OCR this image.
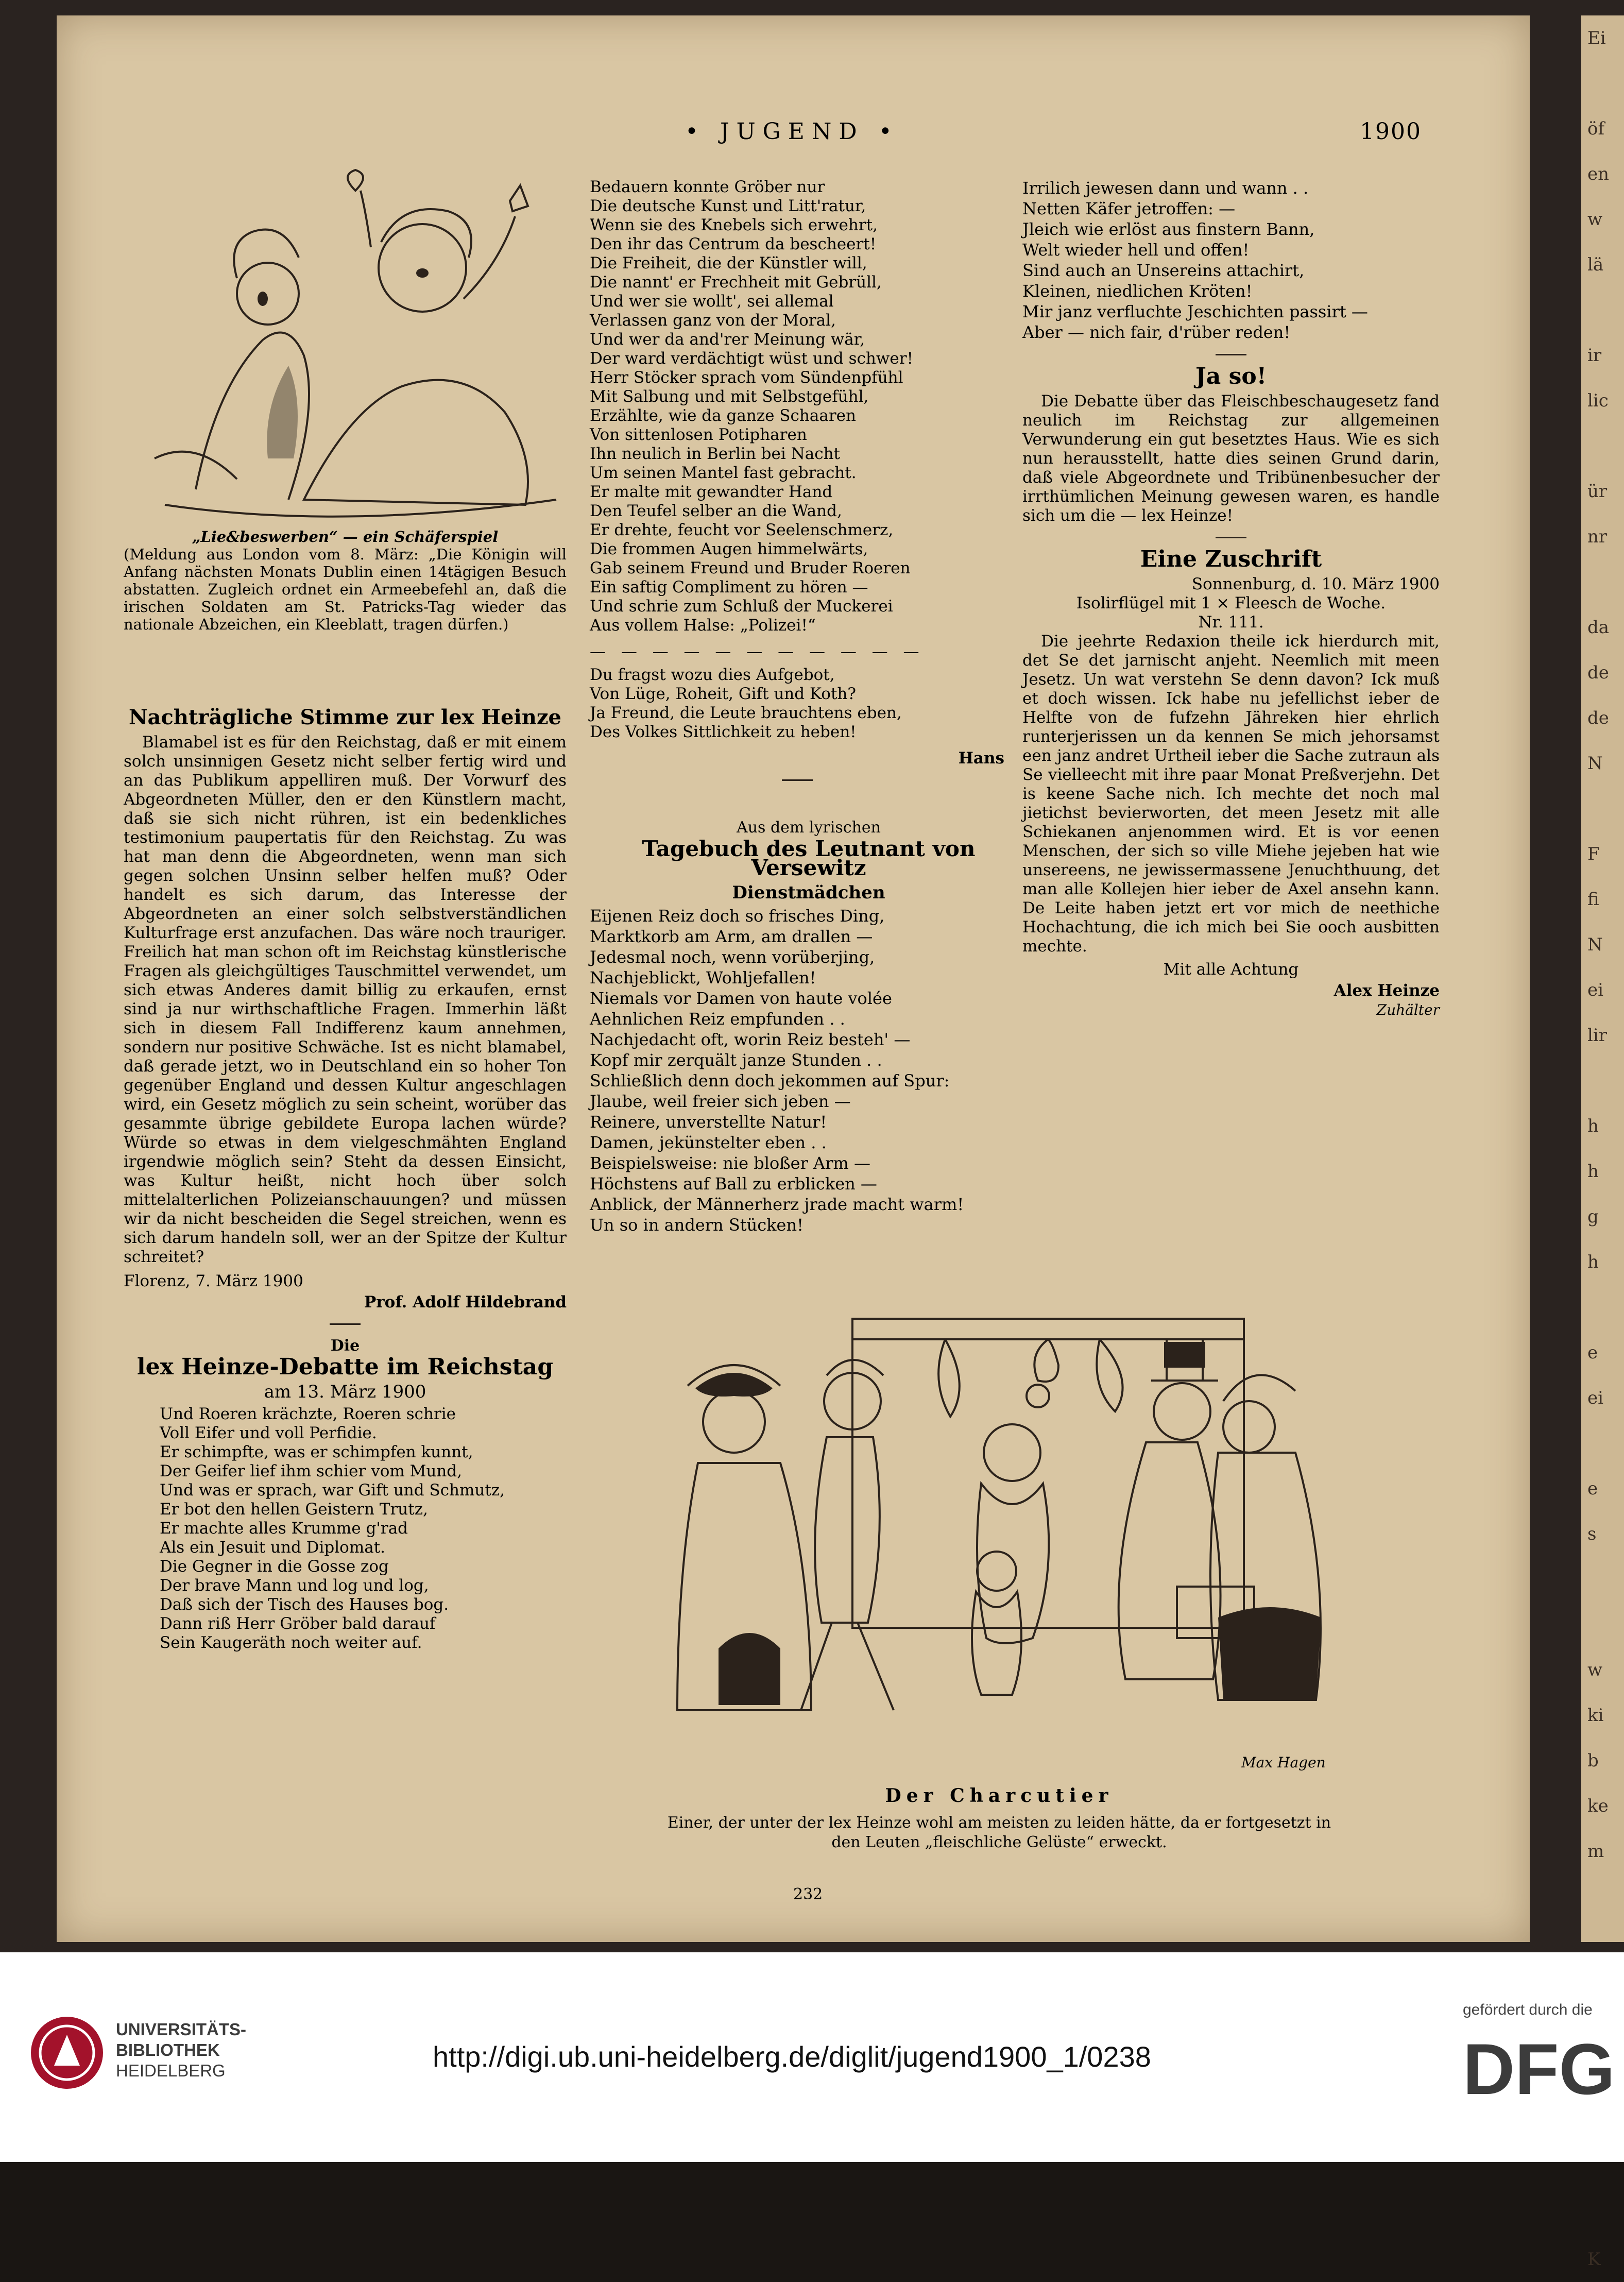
Ei

öf
en
w
lä

ir
lic

ür
nr

da
de
de
N

F
fi
N
ei
lir

h
h
g
h

e
ei

e
s

w
ki
b
ke
m

K
• JUGEND •	1900
„Lie&beswerben“ — ein Schäferspiel
(Meldung aus London vom 8. März: „Die Königin will Anfang nächsten Monats Dublin einen 14tägigen Besuch abstatten. Zugleich ordnet ein Armeebefehl an, daß die irischen Soldaten am St. Patricks-Tag wieder das nationale Abzeichen, ein Kleeblatt, tragen dürfen.)
Nachträgliche Stimme zur lex Heinze

Blamabel ist es für den Reichstag, daß er mit einem solch unsinnigen Gesetz nicht selber fertig wird und an das Publikum appelliren muß. Der Vorwurf des Abgeordneten Müller, den er den Künstlern macht, daß sie sich nicht rühren, ist ein bedenkliches testimonium paupertatis für den Reichstag. Zu was hat man denn die Abgeordneten, wenn man sich gegen solchen Unsinn selber helfen muß? Oder handelt es sich darum, das Interesse der Abgeordneten an einer solch selbstverständlichen Kulturfrage erst anzufachen. Das wäre noch trauriger. Freilich hat man schon oft im Reichstag künstlerische Fragen als gleichgültiges Tauschmittel verwendet, um sich etwas Anderes damit billig zu erkaufen, ernst sind ja nur wirthschaftliche Fragen. Immerhin läßt sich in diesem Fall Indifferenz kaum annehmen, sondern nur positive Schwäche. Ist es nicht blamabel, daß gerade jetzt, wo in Deutschland ein so hoher Ton gegenüber England und dessen Kultur angeschlagen wird, ein Gesetz möglich zu sein scheint, worüber das gesammte übrige gebildete Europa lachen würde? Würde so etwas in dem vielgeschmähten England irgendwie möglich sein? Steht da dessen Einsicht, was Kultur heißt, nicht hoch über solch mittelalterlichen Polizeianschauungen? und müssen wir da nicht bescheiden die Segel streichen, wenn es sich darum handeln soll, wer an der Spitze der Kultur schreitet?

Florenz, 7. März 1900
Prof. Adolf Hildebrand
Die
lex Heinze-Debatte im Reichstag
am 13. März 1900
Und Roeren krächzte, Roeren schrie
Voll Eifer und voll Perfidie.
Er schimpfte, was er schimpfen kunnt,
Der Geifer lief ihm schier vom Mund,
Und was er sprach, war Gift und Schmutz,
Er bot den hellen Geistern Trutz,
Er machte alles Krumme g'rad
Als ein Jesuit und Diplomat.
Die Gegner in die Gosse zog
Der brave Mann und log und log,
Daß sich der Tisch des Hauses bog.
Dann riß Herr Gröber bald darauf
Sein Kaugeräth noch weiter auf.
Bedauern konnte Gröber nur
Die deutsche Kunst und Litt'ratur,
Wenn sie des Knebels sich erwehrt,
Den ihr das Centrum da bescheert!
Die Freiheit, die der Künstler will,
Die nannt' er Frechheit mit Gebrüll,
Und wer sie wollt', sei allemal
Verlassen ganz von der Moral,
Und wer da and'rer Meinung wär,
Der ward verdächtigt wüst und schwer!
Herr Stöcker sprach vom Sündenpfühl
Mit Salbung und mit Selbstgefühl,
Erzählte, wie da ganze Schaaren
Von sittenlosen Potipharen
Ihn neulich in Berlin bei Nacht
Um seinen Mantel fast gebracht.
Er malte mit gewandter Hand
Den Teufel selber an die Wand,
Er drehte, feucht vor Seelenschmerz,
Die frommen Augen himmelwärts,
Gab seinem Freund und Bruder Roeren
Ein saftig Compliment zu hören —
Und schrie zum Schluß der Muckerei
Aus vollem Halse: „Polizei!“
— — — — — — — — — — —
Du fragst wozu dies Aufgebot,
Von Lüge, Roheit, Gift und Koth?
Ja Freund, die Leute brauchtens eben,
Des Volkes Sittlichkeit zu heben!
Hans
Aus dem lyrischen
Tagebuch des Leutnant von Versewitz
Dienstmädchen
Eijenen Reiz doch so frisches Ding,
Marktkorb am Arm, am drallen —
Jedesmal noch, wenn vorüberjing,
Nachjeblickt, Wohljefallen!
Niemals vor Damen von haute volée
Aehnlichen Reiz empfunden . .
Nachjedacht oft, worin Reiz besteh' —
Kopf mir zerquält janze Stunden . .
Schließlich denn doch jekommen auf Spur:
Jlaube, weil freier sich jeben —
Reinere, unverstellte Natur!
Damen, jekünstelter eben . .
Beispielsweise: nie bloßer Arm —
Höchstens auf Ball zu erblicken —
Anblick, der Männerherz jrade macht warm!
Un so in andern Stücken!
Irrilich jewesen dann und wann . .
Netten Käfer jetroffen: —
Jleich wie erlöst aus finstern Bann,
Welt wieder hell und offen!
Sind auch an Unsereins attachirt,
Kleinen, niedlichen Kröten!
Mir janz verfluchte Jeschichten passirt —
Aber — nich fair, d'rüber reden!
Ja so!

Die Debatte über das Fleischbeschaugesetz fand neulich im Reichstag zur allgemeinen Verwunderung ein gut besetztes Haus. Wie es sich nun herausstellt, hatte dies seinen Grund darin, daß viele Abgeordnete und Tribünenbesucher der irrthümlichen Meinung gewesen waren, es handle sich um die — lex Heinze!

Eine Zuschrift
Sonnenburg, d. 10. März 1900
Isolirflügel mit 1 × Fleesch de Woche.
Nr. 111.

Die jeehrte Redaxion theile ick hierdurch mit, det Se det jarnischt anjeht. Neemlich mit meen Jesetz. Un wat verstehn Se denn davon? Ick muß et doch wissen. Ick habe nu jefellichst ieber de Helfte von de fufzehn Jähreken hier ehrlich runterjerissen un da kennen Se mich jehorsamst een janz andret Urtheil ieber die Sache zutraun als Se vielleecht mit ihre paar Monat Preßverjehn. Det is keene Sache nich. Ich mechte det noch mal jietichst bevierworten, det meen Jesetz mit alle Schiekanen anjenommen wird. Et is vor eenen Menschen, der sich so ville Miehe jejeben hat wie unsereens, ne jewissermassene Jenuchthuung, det man alle Kollejen hier ieber de Axel ansehn kann. De Leite haben jetzt ert vor mich de neethiche Hochachtung, die ich mich bei Sie ooch ausbitten mechte.

Mit alle Achtung
Alex Heinze
Zuhälter
Max Hagen
Der Charcutier
Einer, der unter der lex Heinze wohl am meisten zu leiden hätte, da er fortgesetzt in den Leuten „fleischliche Gelüste“ erweckt.
232
UNIVERSITÄTS-
BIBLIOTHEK
HEIDELBERG	http://digi.ub.uni-heidelberg.de/diglit/jugend1900_1/0238
gefördert durch die
DFG
